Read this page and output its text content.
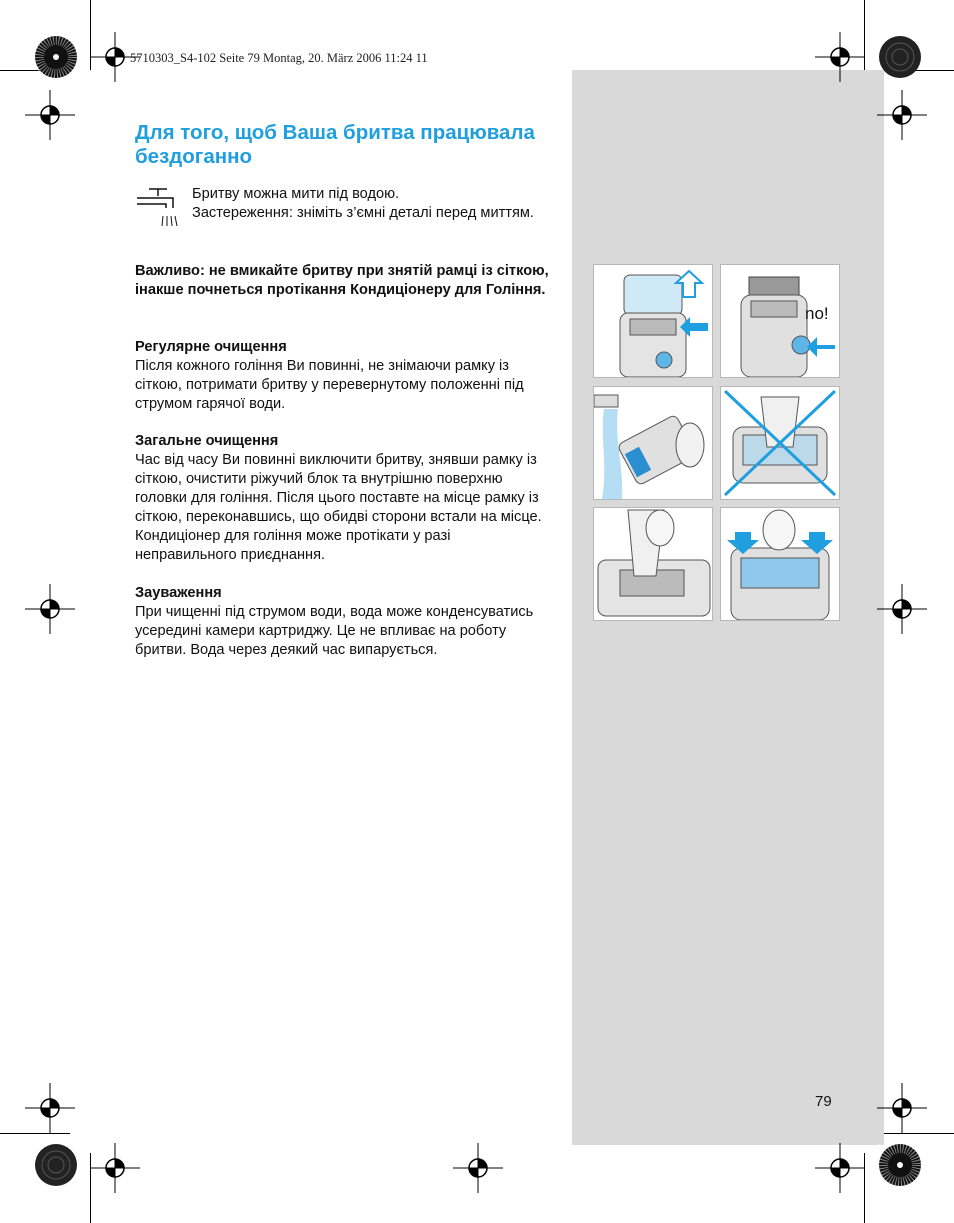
5710303_S4-102 Seite 79 Montag, 20. März 2006 11:24 11
Для того, щоб Ваша бритва працювала бездоганно

Бритву можна мити під водою.
Застереження: зніміть з’ємні деталі перед миттям.

Важливо: не вмикайте бритву при знятій рамці із сіткою, інакше почнеться протікання Кондиціонеру для Гоління.

Регулярне очищення
Після кожного гоління Ви повинні, не знімаючи рамку із сіткою, потримати бритву у перевернутому положенні під струмом гарячої води.

Загальне очищення
Час від часу Ви повинні виключити бритву, знявши рамку із сіткою, очистити ріжучий блок та внутрішню поверхню головки для гоління. Після цього поставте на місце рамку із сіткою, переконавшись, що обидві сторони встали на місце. Кондиціонер для гоління може протікати у разі неправильного приєднання.

Зауваження
При чищенні під струмом води, вода може конденсуватись усередині камери картриджу. Це не впливає на роботу бритви. Вода через деякий час випарується.

no!
79
